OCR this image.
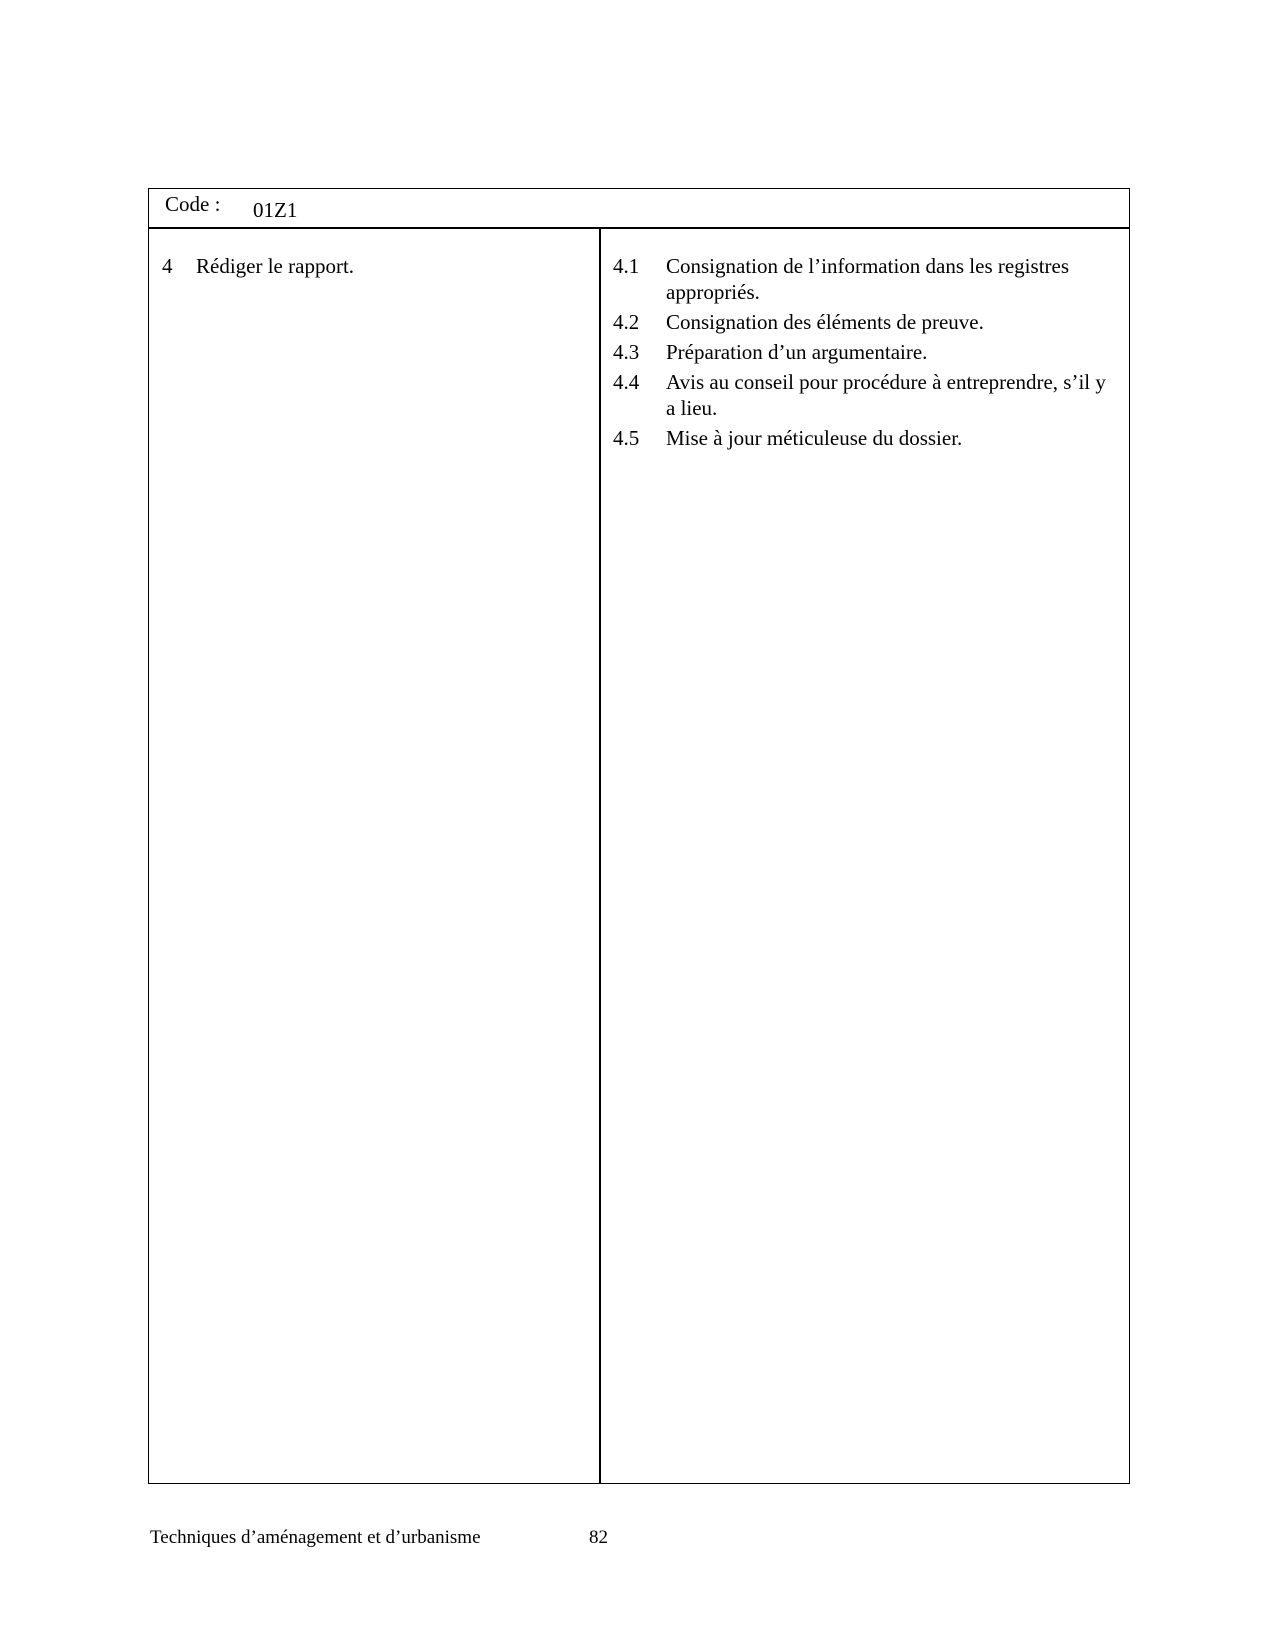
Code : 01Z1
4	Rédiger le rapport.	4.1	Consignation de l’information dans les registres appropriés.
4.2	Consignation des éléments de preuve.
4.3	Préparation d’un argumentaire.
4.4	Avis au conseil pour procédure à entreprendre, s’il y a lieu.
4.5	Mise à jour méticuleuse du dossier.
Techniques d’aménagement et d’urbanisme	82
